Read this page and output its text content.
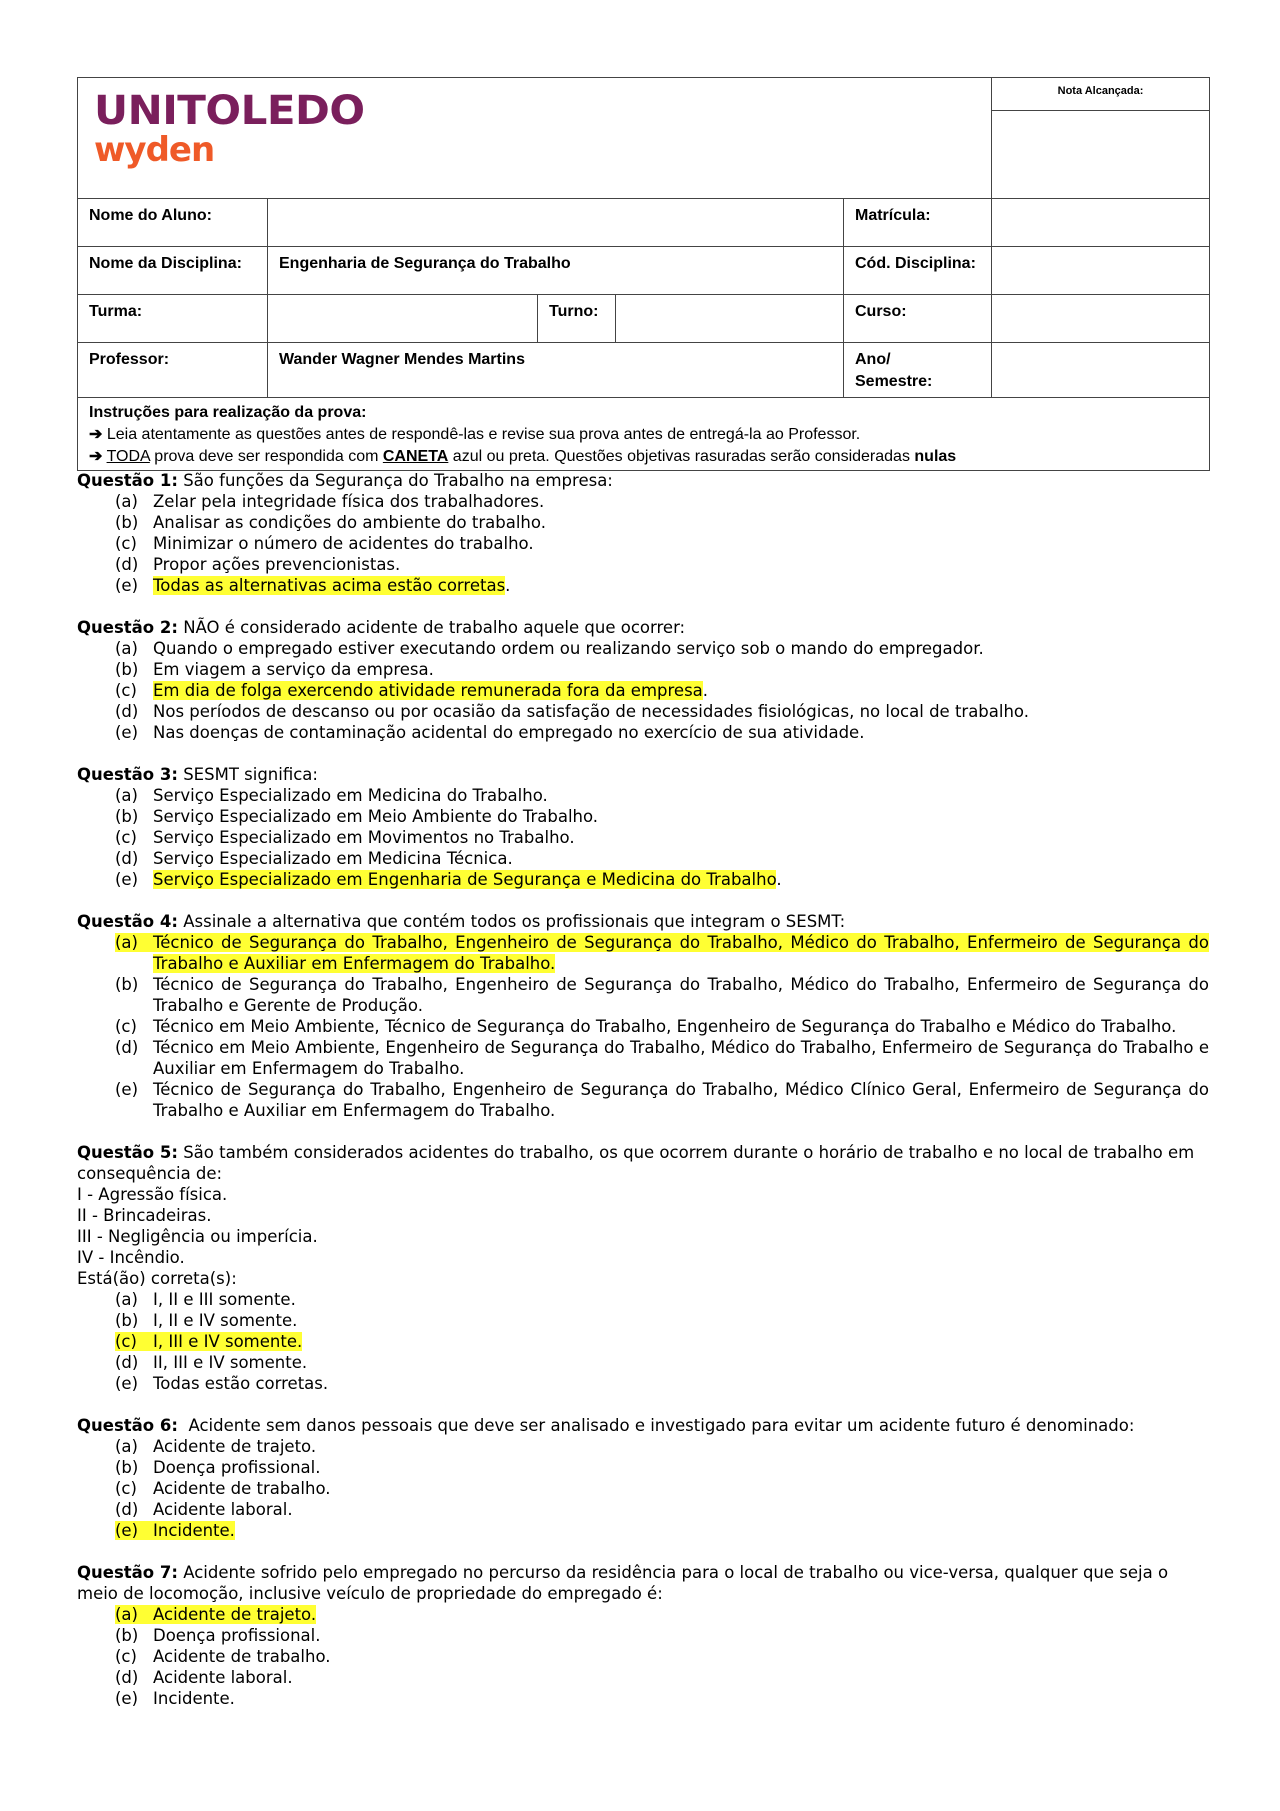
UNITOLEDO
wyden					Nota Alcançada:

Nome do Aluno:				Matrícula:	
Nome da Disciplina:	Engenharia de Segurança do Trabalho			Cód. Disciplina:	
Turma:		Turno:		Curso:	
Professor:	Wander Wagner Mendes Martins			Ano/
Semestre:	

Instruções para realização da prova:
➔ Leia atentamente as questões antes de respondê-las e revise sua prova antes de entregá-la ao Professor.
➔ TODA prova deve ser respondida com CANETA azul ou preta. Questões objetivas rasuradas serão consideradas nulas					
Questão 1: São funções da Segurança do Trabalho na empresa:
(a) Zelar pela integridade física dos trabalhadores.
(b) Analisar as condições do ambiente do trabalho.
(c) Minimizar o número de acidentes do trabalho.
(d) Propor ações prevencionistas.
(e) Todas as alternativas acima estão corretas.
Questão 2: NÃO é considerado acidente de trabalho aquele que ocorrer:
(a) Quando o empregado estiver executando ordem ou realizando serviço sob o mando do empregador.
(b) Em viagem a serviço da empresa.
(c) Em dia de folga exercendo atividade remunerada fora da empresa.
(d) Nos períodos de descanso ou por ocasião da satisfação de necessidades fisiológicas, no local de trabalho.
(e) Nas doenças de contaminação acidental do empregado no exercício de sua atividade.
Questão 3: SESMT significa:
(a) Serviço Especializado em Medicina do Trabalho.
(b) Serviço Especializado em Meio Ambiente do Trabalho.
(c) Serviço Especializado em Movimentos no Trabalho.
(d) Serviço Especializado em Medicina Técnica.
(e) Serviço Especializado em Engenharia de Segurança e Medicina do Trabalho.
Questão 4: Assinale a alternativa que contém todos os profissionais que integram o SESMT:
(a) Técnico de Segurança do Trabalho, Engenheiro de Segurança do Trabalho, Médico do Trabalho, Enfermeiro de Segurança do Trabalho e Auxiliar em Enfermagem do Trabalho.
(b) Técnico de Segurança do Trabalho, Engenheiro de Segurança do Trabalho, Médico do Trabalho, Enfermeiro de Segurança do Trabalho e Gerente de Produção.
(c) Técnico em Meio Ambiente, Técnico de Segurança do Trabalho, Engenheiro de Segurança do Trabalho e Médico do Trabalho.
(d) Técnico em Meio Ambiente, Engenheiro de Segurança do Trabalho, Médico do Trabalho, Enfermeiro de Segurança do Trabalho e Auxiliar em Enfermagem do Trabalho.
(e) Técnico de Segurança do Trabalho, Engenheiro de Segurança do Trabalho, Médico Clínico Geral, Enfermeiro de Segurança do Trabalho e Auxiliar em Enfermagem do Trabalho.
Questão 5: São também considerados acidentes do trabalho, os que ocorrem durante o horário de trabalho e no local de trabalho em consequência de:
I - Agressão física.
II - Brincadeiras.
III - Negligência ou imperícia.
IV - Incêndio.
Está(ão) correta(s):
(a) I, II e III somente.
(b) I, II e IV somente.
(c) I, III e IV somente.
(d) II, III e IV somente.
(e) Todas estão corretas.
Questão 6:  Acidente sem danos pessoais que deve ser analisado e investigado para evitar um acidente futuro é denominado:
(a) Acidente de trajeto.
(b) Doença profissional.
(c) Acidente de trabalho.
(d) Acidente laboral.
(e) Incidente.
Questão 7: Acidente sofrido pelo empregado no percurso da residência para o local de trabalho ou vice-versa, qualquer que seja o meio de locomoção, inclusive veículo de propriedade do empregado é:
(a) Acidente de trajeto.
(b) Doença profissional.
(c) Acidente de trabalho.
(d) Acidente laboral.
(e) Incidente.
